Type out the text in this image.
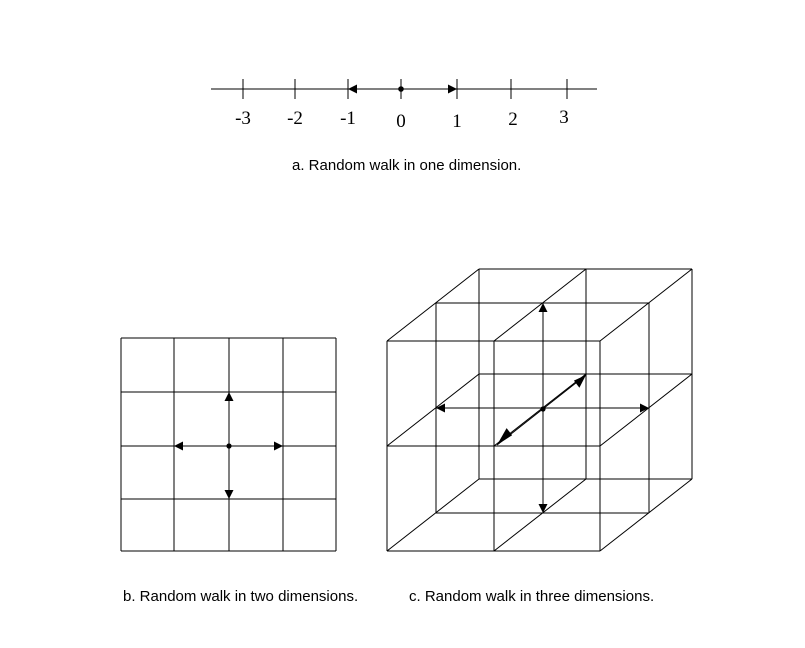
-3 -2 -1 0 1 2 3
a. Random walk in one dimension.
b. Random walk in two dimensions.	c. Random walk in three dimensions.
